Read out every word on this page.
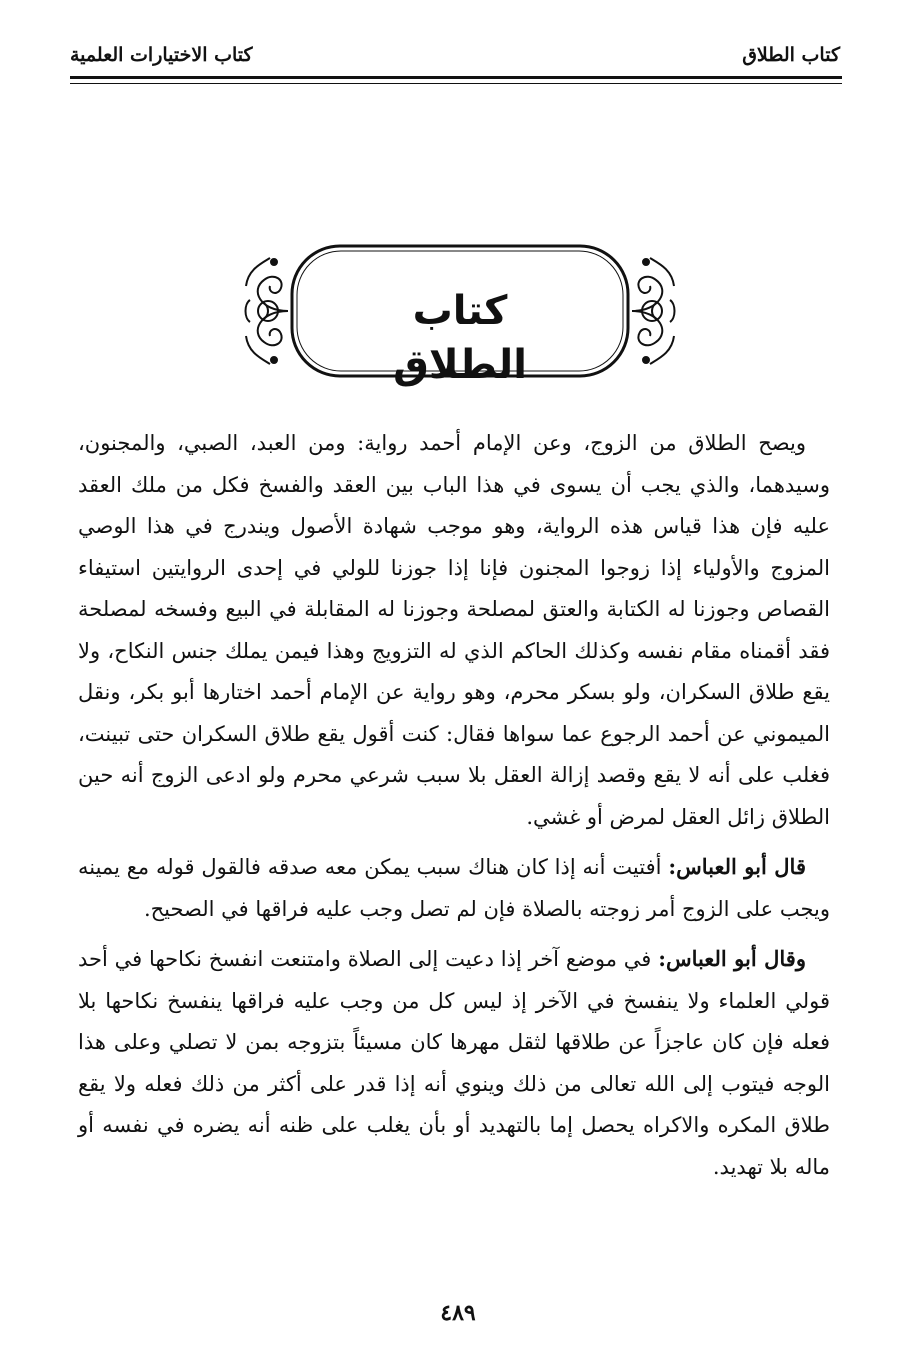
كتاب الطلاق
كتاب الاختيارات العلمية
كتاب الطلاق

ويصح الطلاق من الزوج، وعن الإمام أحمد رواية: ومن العبد، الصبي، والمجنون، وسيدهما، والذي يجب أن يسوى في هذا الباب بين العقد والفسخ فكل من ملك العقد عليه فإن هذا قياس هذه الرواية، وهو موجب شهادة الأصول ويندرج في هذا الوصي المزوج والأولياء إذا زوجوا المجنون فإنا إذا جوزنا للولي في إحدى الروايتين استيفاء القصاص وجوزنا له الكتابة والعتق لمصلحة وجوزنا له المقابلة في البيع وفسخه لمصلحة فقد أقمناه مقام نفسه وكذلك الحاكم الذي له التزويج وهذا فيمن يملك جنس النكاح، ولا يقع طلاق السكران، ولو بسكر محرم، وهو رواية عن الإمام أحمد اختارها أبو بكر، ونقل الميموني عن أحمد الرجوع عما سواها فقال: كنت أقول يقع طلاق السكران حتى تبينت، فغلب على أنه لا يقع وقصد إزالة العقل بلا سبب شرعي محرم ولو ادعى الزوج أنه حين الطلاق زائل العقل لمرض أو غشي.

قال أبو العباس: أفتيت أنه إذا كان هناك سبب يمكن معه صدقه فالقول قوله مع يمينه ويجب على الزوج أمر زوجته بالصلاة فإن لم تصل وجب عليه فراقها في الصحيح.

وقال أبو العباس: في موضع آخر إذا دعيت إلى الصلاة وامتنعت انفسخ نكاحها في أحد قولي العلماء ولا ينفسخ في الآخر إذ ليس كل من وجب عليه فراقها ينفسخ نكاحها بلا فعله فإن كان عاجزاً عن طلاقها لثقل مهرها كان مسيئاً بتزوجه بمن لا تصلي وعلى هذا الوجه فيتوب إلى الله تعالى من ذلك وينوي أنه إذا قدر على أكثر من ذلك فعله ولا يقع طلاق المكره والاكراه يحصل إما بالتهديد أو بأن يغلب على ظنه أنه يضره في نفسه أو ماله بلا تهديد.

٤٨٩
